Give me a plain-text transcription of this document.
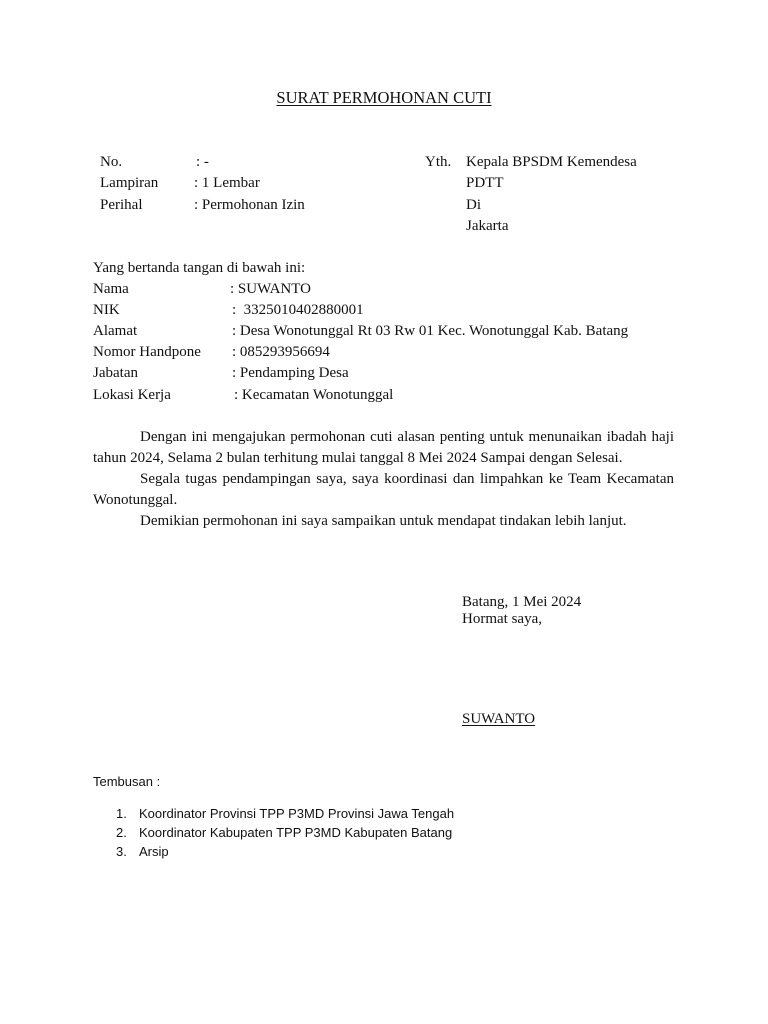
SURAT PERMOHONAN CUTI
No.	: -
Lampiran : 1 Lembar
Perihal	: Permohonan Izin
Yth. Kepala BPSDM Kemendesa
PDTT
Di
Jakarta
Yang bertanda tangan di bawah ini:
Nama	: SUWANTO
NIK	:  3325010402880001
Alamat	: Desa Wonotunggal Rt 03 Rw 01 Kec. Wonotunggal Kab. Batang
Nomor Handpone : 085293956694
Jabatan	: Pendamping Desa
Lokasi Kerja	: Kecamatan Wonotunggal
Dengan ini mengajukan permohonan cuti alasan penting untuk menunaikan ibadah haji tahun 2024, Selama 2 bulan terhitung mulai tanggal 8 Mei 2024 Sampai dengan Selesai.
Segala tugas pendampingan saya, saya koordinasi dan limpahkan ke Team Kecamatan Wonotunggal.
Demikian permohonan ini saya sampaikan untuk mendapat tindakan lebih lanjut.
Batang, 1 Mei 2024
Hormat saya,
SUWANTO
Tembusan :
1. Koordinator Provinsi TPP P3MD Provinsi Jawa Tengah
2. Koordinator Kabupaten TPP P3MD Kabupaten Batang
3. Arsip
